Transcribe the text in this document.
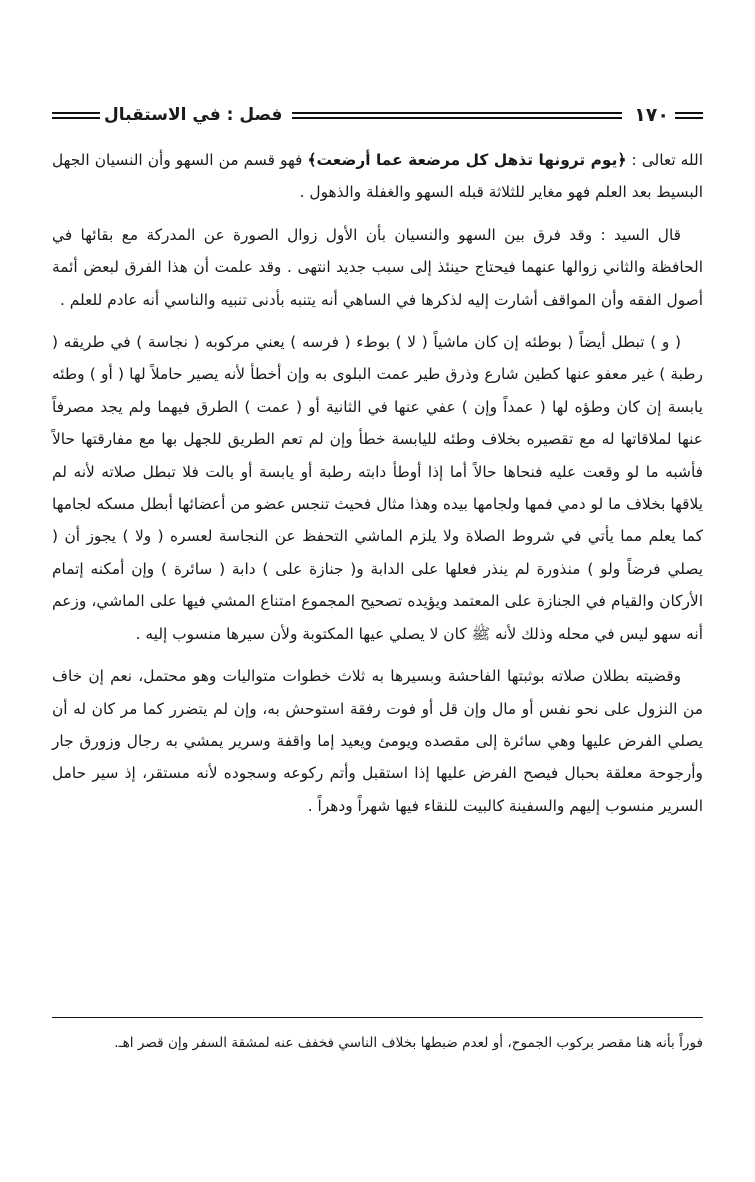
١٧٠
فصل : في الاستقبال

الله تعالى : ﴿يوم ترونها تذهل كل مرضعة عما أرضعت﴾ فهو قسم من السهو وأن النسيان الجهل البسيط بعد العلم فهو مغاير للثلاثة قبله السهو والغفلة والذهول .

قال السيد : وقد فرق بين السهو والنسيان بأن الأول زوال الصورة عن المدركة مع بقائها في الحافظة والثاني زوالها عنهما فيحتاج حينئذ إلى سبب جديد انتهى . وقد علمت أن هذا الفرق لبعض أئمة أصول الفقه وأن المواقف أشارت إليه لذكرها في الساهي أنه يتنبه بأدنى تنبيه والناسي أنه عادم للعلم .

( و ) تبطل أيضاً ( بوطئه إن كان ماشياً ( لا ) بوطء ( فرسه ) يعني مركوبه ( نجاسة ) في طريقه ( رطبة ) غير معفو عنها كطين شارع وذرق طير عمت البلوى به وإن أخطأ لأنه يصير حاملاً لها ( أو ) وطئه يابسة إن كان وطؤه لها ( عمداً وإن ) عفي عنها في الثانية أو ( عمت ) الطرق فيهما ولم يجد مصرفاً عنها لملاقاتها له مع تقصيره بخلاف وطئه لليابسة خطأ وإن لم تعم الطريق للجهل بها مع مفارقتها حالاً فأشبه ما لو وقعت عليه فنحاها حالاً أما إذا أوطأ دابته رطبة أو يابسة أو بالت فلا تبطل صلاته لأنه لم يلاقها بخلاف ما لو دمي فمها ولجامها بيده وهذا مثال فحيث تنجس عضو من أعضائها أبطل مسكه لجامها كما يعلم مما يأتي في شروط الصلاة ولا يلزم الماشي التحفظ عن النجاسة لعسره ( ولا ) يجوز أن ( يصلي فرضاً ولو ) منذورة لم ينذر فعلها على الدابة و( جنازة على ) دابة ( سائرة ) وإن أمكنه إتمام الأركان والقيام في الجنازة على المعتمد ويؤيده تصحيح المجموع امتناع المشي فيها على الماشي، وزعم أنه سهو ليس في محله وذلك لأنه ﷺ كان لا يصلي عيها المكتوبة ولأن سيرها منسوب إليه .

وقضيته بطلان صلاته بوثبتها الفاحشة وبسيرها به ثلاث خطوات متواليات وهو محتمل، نعم إن خاف من النزول على نحو نفس أو مال وإن قل أو فوت رفقة استوحش به، وإن لم يتضرر كما مر كان له أن يصلي الفرض عليها وهي سائرة إلى مقصده ويومئ ويعيد إما واقفة وسرير يمشي به رجال وزورق جار وأرجوحة معلقة بحبال فيصح الفرض عليها إذا استقبل وأتم ركوعه وسجوده لأنه مستقر، إذ سير حامل السرير منسوب إليهم والسفينة كالبيت للنقاء فيها شهراً ودهراً .

فوراً بأنه هنا مقصر بركوب الجموح، أو لعدم ضبطها بخلاف الناسي فخفف عنه لمشقة السفر وإن قصر اهـ.
